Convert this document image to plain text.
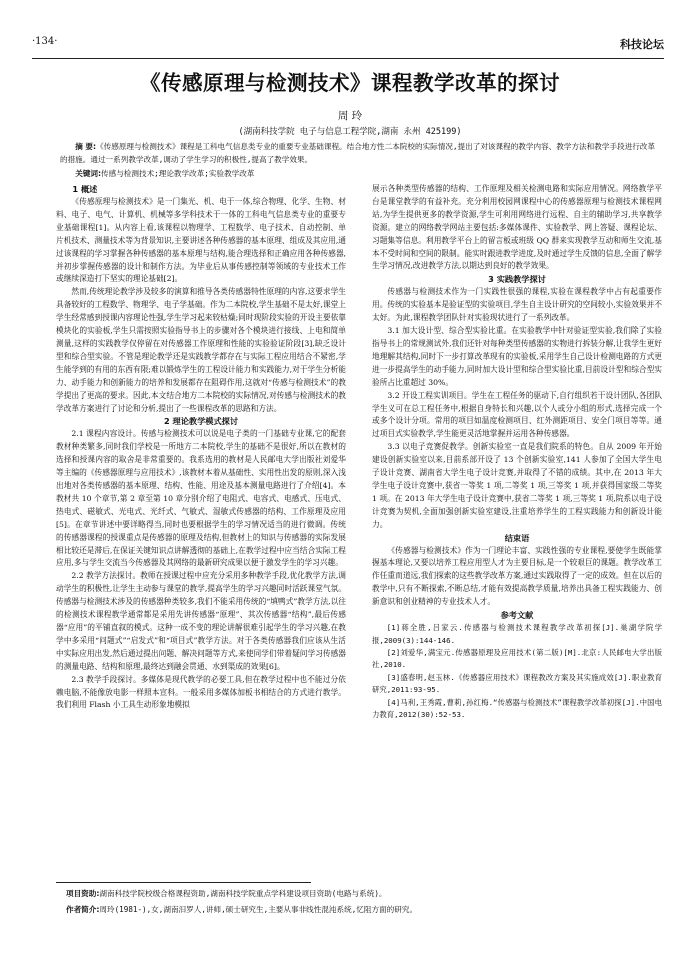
·134·	科技论坛
《传感原理与检测技术》课程教学改革的探讨
周 玲
(湖南科技学院 电子与信息工程学院,湖南 永州 425199)
摘 要:《传感原理与检测技术》课程是工科电气信息类专业的重要专业基础课程。结合地方性二本院校的实际情况,提出了对该课程的教学内容、教学方法和教学手段进行改革的措施。通过一系列教学改革,调动了学生学习的积极性,提高了教学效果。
关键词:传感与检测技术;理论教学改革;实验教学改革
1 概述

《传感原理与检测技术》是一门集光、机、电于一体,综合物理、化学、生物、材料、电子、电气、计算机、机械等多学科技术于一体的工科电气信息类专业的重要专业基础课程[1]。从内容上看,该课程以物理学、工程数学、电子技术、自动控制、单片机技术、测量技术等为背景知识,主要讲述各种传感器的基本原理、组成及其应用,通过该课程的学习掌握各种传感器的基本原理与结构,能合理选择和正确应用各种传感器,并初步掌握传感器的设计和制作方法。为毕业后从事传感控制等领域的专业技术工作或继续深造打下坚实的理论基础[2]。

然而,传统理论教学涉及较多的演算和推导各类传感器特性原理的内容,这要求学生具备较好的工程数学、物理学、电子学基础。作为二本院校,学生基础不是太好,课堂上学生经常感到授课内容理论性强,学生学习起来较枯燥;同时现阶段实验的开设主要依靠模块化的实验板,学生只需按照实验指导书上的步骤对各个模块进行接线、上电和简单测量,这样的实践教学仅停留在对传感器工作原理和性能的实验验证阶段[3],缺乏设计型和综合型实验。不管是理论教学还是实践教学都存在与实际工程应用结合不紧密,学生能学到的有用的东西有限;难以锻炼学生的工程设计能力和实践能力,对于学生分析能力、动手能力和创新能力的培养和发展都存在阻碍作用,这就对“传感与检测技术”的教学提出了更高的要求。因此,本文结合地方二本院校的实际情况,对传感与检测技术的教学改革方案进行了讨论和分析,提出了一些课程改革的思路和方法。

2 理论教学模式探讨

2.1 课程内容设计。传感与检测技术可以说是电子类的一门基础专业课,它的配套教材种类繁多,同时我们学校是一所地方二本院校,学生的基础不是很好,所以在教材的选择和授课内容的取舍是非常重要的。我系选用的教材是人民邮电大学出版社刘爱华等主编的《传感器原理与应用技术》,该教材本着从基础性、实用性出发的原则,深入浅出地对各类传感器的基本原理、结构、性能、用途及基本测量电路进行了介绍[4]。本教材共 10 个章节,第 2 章至第 10 章分别介绍了电阻式、电容式、电感式、压电式、热电式、磁敏式、光电式、光纤式、气敏式、湿敏式传感器的结构、工作原理及应用[5]。在章节讲述中要详略得当,同时也要根据学生的学习情况适当的进行微调。传统的传感器课程的授课重点是传感器的原理及结构,但教材上的知识与传感器的实际发展相比较还是滞后,在保证关键知识点讲解透彻的基础上,在教学过程中应当结合实际工程应用,多与学生交流当今传感器及其网络的最新研究成果以便于激发学生的学习兴趣。

2.2 教学方法探讨。教师在授课过程中应充分采用多种教学手段,优化教学方法,调动学生的积极性,让学生主动参与课堂的教学,提高学生的学习兴趣同时活跃课堂气氛。传感器与检测技术涉及的传感器种类较多,我们不能采用传统的“填鸭式”教学方法,以往的检测技术课程教学通常都是采用先讲传感器“原理”、其次传感器“结构”,最后传感器“应用”的平铺直叙的模式。这种一成不变的理论讲解很难引起学生的学习兴趣,在教学中多采用“问题式”“启发式”和“项目式”教学方法。对于各类传感器我们应该从生活中实际应用出发,然后通过提出问题、解决问题等方式,来使同学们带着疑问学习传感器的测量电路、结构和原理,最终达到融会贯通、水到渠成的效果[6]。

2.3 教学手段探讨。多媒体是现代教学的必要工具,但在教学过程中也不能过分依赖电脑,不能像放电影一样照本宣科。一般采用多媒体加板书相结合的方式进行教学。我们利用 Flash 小工具生动形象地模拟

展示各种类型传感器的结构、工作原理及相关检测电路和实际应用情况。网络教学平台是课堂教学的有益补充。充分利用校园网课程中心的传感器原理与检测技术课程网站,为学生提供更多的教学资源,学生可利用网络进行远程、自主的辅助学习,共享教学资源。建立的网络教学网站主要包括:多媒体课件、实验教学、网上答疑、课程论坛、习题集等信息。利用教学平台上的留言板或班级 QQ 群来实现教学互动和师生交流,基本不受时间和空间的限制。能实时跟进教学进度,及时通过学生反馈的信息,全面了解学生学习情况,改进教学方法,以期达到良好的教学效果。

3 实践教学探讨

传感器与检测技术作为一门实践性很强的课程,实验在课程教学中占有起重要作用。传统的实验基本是验证型的实验项目,学生自主设计研究的空间较小,实验效果并不太好。为此,课程教学团队针对实验现状进行了一系列改革。

3.1 加大设计型、综合型实验比重。在实验教学中针对验证型实验,我们除了实验指导书上的常规测试外,我们还针对每种类型传感器的实物进行拆装分解,让我学生更好地理解其结构,同时下一步打算改革现有的实验板,采用学生自己设计检测电路的方式更进一步提高学生的动手能力,同时加大设计型和综合型实验比重,目前设计型和综合型实验所占比重超过 30%。

3.2 开设工程实训项目。学生在工程任务的驱动下,自行组织若干设计团队,各团队学生义可在总工程任务中,根据自身特长和兴趣,以个人或分小组的形式,选择完成一个或多个设计分项。常用的项目如温度检测项目、红外测距项目、安全门项目等等。通过项目式实验教学,学生能更灵活地掌握并运用各种传感器。

3.3 以电子竞赛促教学。创新实验室一直是我们院系的特色。自从 2009 年开始建设创新实验室以来,目前系部开设了 13 个创新实验室,141 人参加了全国大学生电子设计竞赛、湖南省大学生电子设计竞赛,并取得了不错的成绩。其中,在 2013 年大学生电子设计竞赛中,获省一等奖 1 项,二等奖 1 项,三等奖 1 项,并获得国家级二等奖 1 项。在 2013 年大学生电子设计竞赛中,获省二等奖 1 项,三等奖 1 项,院系以电子设计竞赛为契机,全面加强创新实验室建设,注重培养学生的工程实践能力和创新设计能力。

结束语

《传感器与检测技术》作为一门理论丰富、实践性强的专业课程,要使学生既能掌握基本理论,又要以培养工程应用型人才为主要目标,是一个较艰巨的课题。教学改革工作任重而道远,我们探索的这些教学改革方案,通过实践取得了一定的成效。但在以后的教学中,只有不断探索,不断总结,才能有效提高教学质量,培养出具备工程实践能力、创新意识和创业精神的专业技术人才。

参考文献

[1]蒋全胜,吕家云.传感器与检测技术课程教学改革初探[J].巢湖学院学报,2009(3):144-146.

[2]刘爱华,满宝元.传感器原理及应用技术(第二版)[M].北京:人民邮电大学出版社,2010.

[3]盛春明,赵玉林.《传感器应用技术》课程教改方案及其实施成效[J].职业教育研究,2011:93-95.

[4]马利,王秀霞,曹莉,孙红梅.“传感器与检测技术”课程教学改革初探[J].中国电力教育,2012(30):52-53.

项目资助:湖南科技学院校级合格课程资助,湖南科技学院重点学科建设项目资助(电路与系统)。
作者简介:周玲(1981-),女,湖南汨罗人,讲师,硕士研究生,主要从事非线性混沌系统,忆阻方面的研究。
